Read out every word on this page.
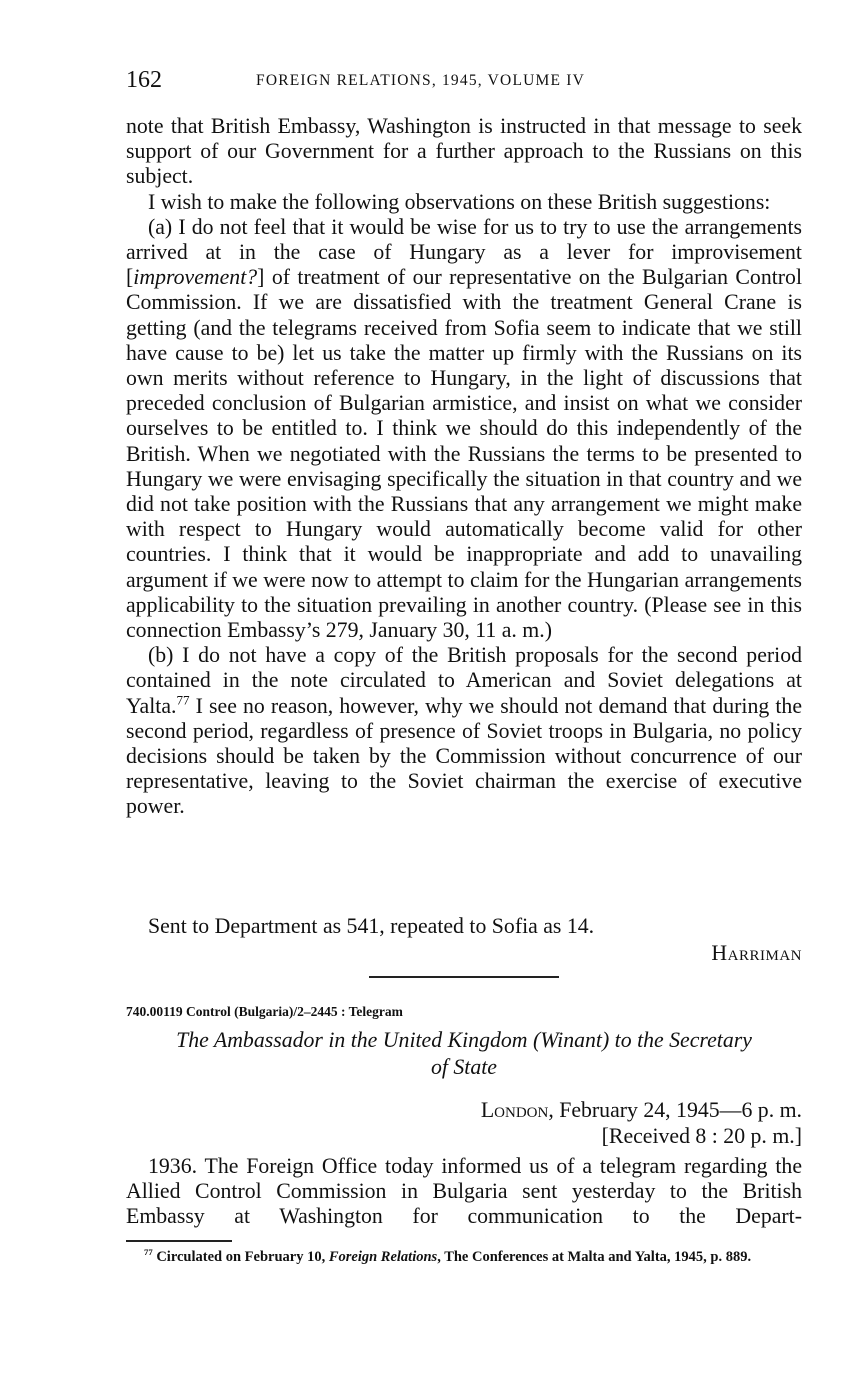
162	FOREIGN RELATIONS, 1945, VOLUME IV

note that British Embassy, Washington is instructed in that message to seek support of our Government for a further approach to the Russians on this subject.

I wish to make the following observations on these British suggestions:

(a) I do not feel that it would be wise for us to try to use the arrangements arrived at in the case of Hungary as a lever for improvisement [improvement?] of treatment of our representative on the Bulgarian Control Commission. If we are dissatisfied with the treatment General Crane is getting (and the telegrams received from Sofia seem to indicate that we still have cause to be) let us take the matter up firmly with the Russians on its own merits without reference to Hungary, in the light of discussions that preceded conclusion of Bulgarian armistice, and insist on what we consider ourselves to be entitled to. I think we should do this independently of the British. When we negotiated with the Russians the terms to be presented to Hungary we were envisaging specifically the situation in that country and we did not take position with the Russians that any arrangement we might make with respect to Hungary would automatically become valid for other countries. I think that it would be inappropriate and add to unavailing argument if we were now to attempt to claim for the Hungarian arrangements applicability to the situation prevailing in another country. (Please see in this connection Embassy’s 279, January 30, 11 a. m.)

(b) I do not have a copy of the British proposals for the second period contained in the note circulated to American and Soviet delegations at Yalta.$^{77}$ I see no reason, however, why we should not demand that during the second period, regardless of presence of Soviet troops in Bulgaria, no policy decisions should be taken by the Commission without concurrence of our representative, leaving to the Soviet chairman the exercise of executive power.

Sent to Department as 541, repeated to Sofia as 14.
Harriman
740.00119 Control (Bulgaria)/2–2445 : Telegram
The Ambassador in the United Kingdom (Winant) to the Secretary
of State
London, February 24, 1945—6 p. m.
[Received 8 : 20 p. m.]

1936. The Foreign Office today informed us of a telegram regarding the Allied Control Commission in Bulgaria sent yesterday to the British Embassy at Washington for communication to the Depart-

$^{77}$ Circulated on February 10, Foreign Relations, The Conferences at Malta and Yalta, 1945, p. 889.
